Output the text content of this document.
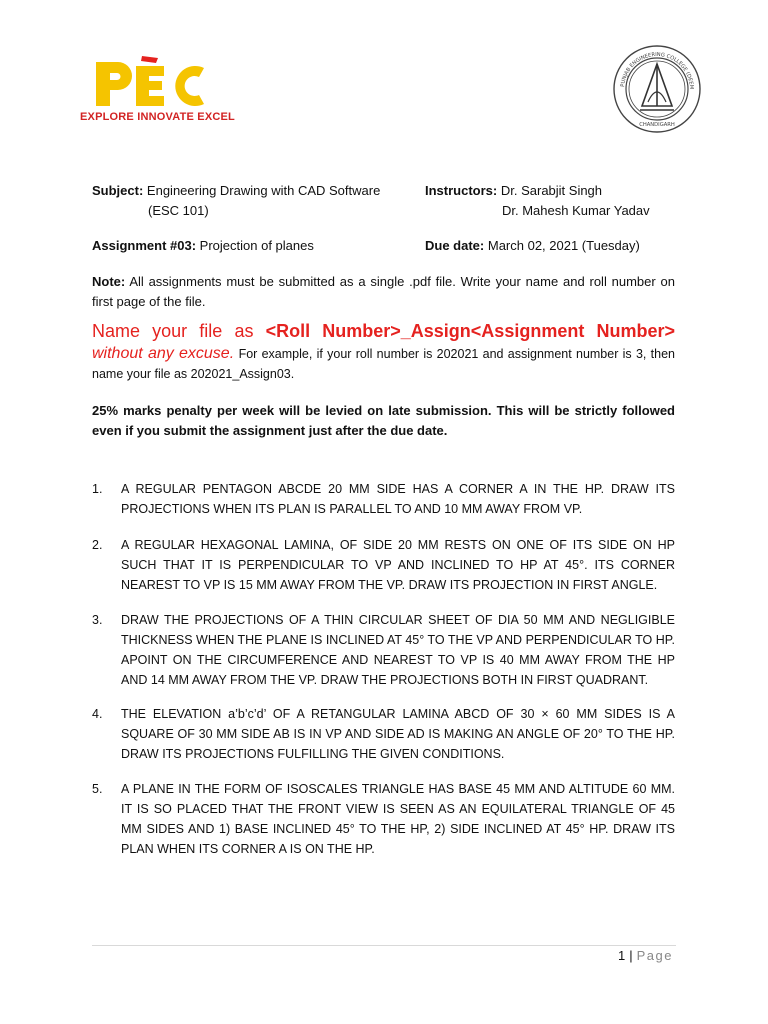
EXPLORE INNOVATE EXCEL
PUNJAB ENGINEERING COLLEGE (DEEM
CHANDIGARH
Subject: Engineering Drawing with CAD Software
(ESC 101)
Instructors: Dr. Sarabjit Singh
Dr. Mahesh Kumar Yadav
Assignment #03: Projection of planes	Due date: March 02, 2021 (Tuesday)
Note: All assignments must be submitted as a single .pdf file. Write your name and roll number on first page of the file.
Name your file as <Roll Number>_Assign<Assignment Number> without any excuse. For example, if your roll number is 202021 and assignment number is 3, then name your file as 202021_Assign03.
25% marks penalty per week will be levied on late submission. This will be strictly followed even if you submit the assignment just after the due date.
1.	A REGULAR PENTAGON ABCDE 20 MM SIDE HAS A CORNER A IN THE HP. DRAW ITS PROJECTIONS WHEN ITS PLAN IS PARALLEL TO AND 10 MM AWAY FROM VP.
2.	A REGULAR HEXAGONAL LAMINA, OF SIDE 20 MM RESTS ON ONE OF ITS SIDE ON HP SUCH THAT IT IS PERPENDICULAR TO VP AND INCLINED TO HP AT 45°. ITS CORNER NEAREST TO VP IS 15 MM AWAY FROM THE VP. DRAW ITS PROJECTION IN FIRST ANGLE.
3.	DRAW THE PROJECTIONS OF A THIN CIRCULAR SHEET OF DIA 50 MM AND NEGLIGIBLE THICKNESS WHEN THE PLANE IS INCLINED AT 45° TO THE VP AND PERPENDICULAR TO HP. APOINT ON THE CIRCUMFERENCE AND NEAREST TO VP IS 40 MM AWAY FROM THE HP AND 14 MM AWAY FROM THE VP. DRAW THE PROJECTIONS BOTH IN FIRST QUADRANT.
4.	THE ELEVATION a’b’c’d’ OF A RETANGULAR LAMINA ABCD OF 30 × 60 MM SIDES IS A SQUARE OF 30 MM SIDE AB IS IN VP AND SIDE AD IS MAKING AN ANGLE OF 20° TO THE HP. DRAW ITS PROJECTIONS FULFILLING THE GIVEN CONDITIONS.
5.	A PLANE IN THE FORM OF ISOSCALES TRIANGLE HAS BASE 45 MM AND ALTITUDE 60 MM. IT IS SO PLACED THAT THE FRONT VIEW IS SEEN AS AN EQUILATERAL TRIANGLE OF 45 MM SIDES AND 1) BASE INCLINED 45° TO THE HP, 2) SIDE INCLINED AT 45° HP. DRAW ITS PLAN WHEN ITS CORNER A IS ON THE HP.
1 | Page
